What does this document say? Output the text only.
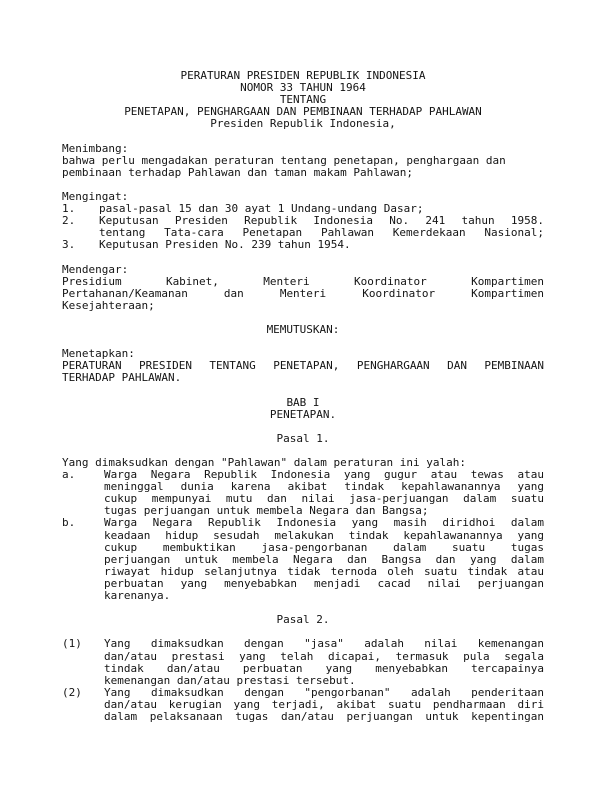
PERATURAN PRESIDEN REPUBLIK INDONESIA
NOMOR 33 TAHUN 1964
TENTANG
PENETAPAN, PENGHARGAAN DAN PEMBINAAN TERHADAP PAHLAWAN
Presiden Republik Indonesia,
Menimbang:
bahwa perlu mengadakan peraturan tentang penetapan, penghargaan dan
pembinaan terhadap Pahlawan dan taman makam Pahlawan;
Mengingat:
1. pasal-pasal 15 dan 30 ayat 1 Undang-undang Dasar;
2. Keputusan Presiden Republik Indonesia No. 241 tahun 1958.
tentang Tata-cara Penetapan Pahlawan Kemerdekaan Nasional;
3. Keputusan Presiden No. 239 tahun 1954.
Mendengar:
Presidium Kabinet, Menteri Koordinator Kompartimen
Pertahanan/Keamanan dan Menteri Koordinator Kompartimen
Kesejahteraan;
MEMUTUSKAN:
Menetapkan:
PERATURAN PRESIDEN TENTANG PENETAPAN, PENGHARGAAN DAN PEMBINAAN
TERHADAP PAHLAWAN.
BAB I
PENETAPAN.
Pasal 1.
Yang dimaksudkan dengan "Pahlawan" dalam peraturan ini yalah:
a.	Warga Negara Republik Indonesia yang gugur atau tewas atau
meninggal dunia karena akibat tindak kepahlawanannya yang
cukup mempunyai mutu dan nilai jasa-perjuangan dalam suatu
tugas perjuangan untuk membela Negara dan Bangsa;
b.	Warga Negara Republik Indonesia yang masih diridhoi dalam
keadaan hidup sesudah melakukan tindak kepahlawanannya yang
cukup membuktikan jasa-pengorbanan dalam suatu tugas
perjuangan untuk membela Negara dan Bangsa dan yang dalam
riwayat hidup selanjutnya tidak ternoda oleh suatu tindak atau
perbuatan yang menyebabkan menjadi cacad nilai perjuangan
karenanya.
Pasal 2.
(1) Yang dimaksudkan dengan "jasa" adalah nilai kemenangan
dan/atau prestasi yang telah dicapai, termasuk pula segala
tindak dan/atau perbuatan yang menyebabkan tercapainya
kemenangan dan/atau prestasi tersebut.
(2) Yang dimaksudkan dengan "pengorbanan" adalah penderitaan
dan/atau kerugian yang terjadi, akibat suatu pendharmaan diri
dalam pelaksanaan tugas dan/atau perjuangan untuk kepentingan
